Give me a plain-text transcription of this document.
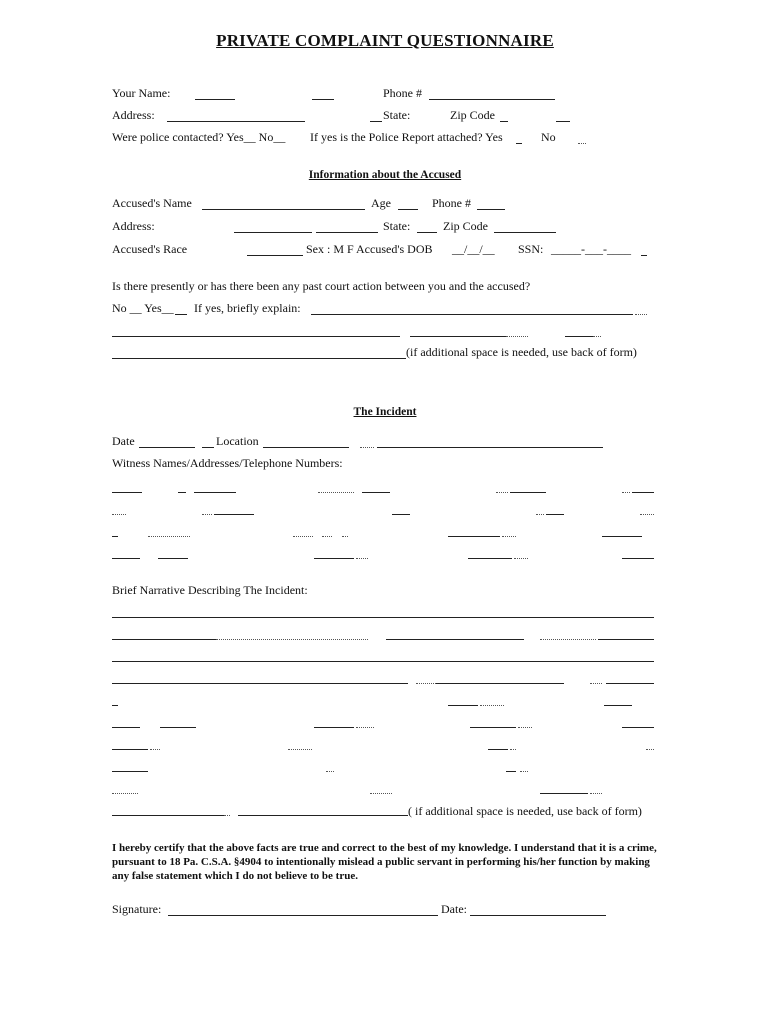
PRIVATE COMPLAINT QUESTIONNAIRE
Your Name:	Phone #
Address:	State:	Zip Code
Were police contacted? Yes__ No__ If yes is the Police Report attached? Yes	No
Information about the Accused
Accused's Name	Age	Phone #
Address:	State:	Zip Code
Accused's Race	Sex : M F Accused's DOB __/__/__ SSN: _____-___-____
Is there presently or has there been any past court action between you and the accused?
No __ Yes__ If yes, briefly explain:
(if additional space is needed, use back of form)
The Incident
Date	Location
Witness Names/Addresses/Telephone Numbers:
Brief Narrative Describing The Incident:
( if additional space is needed, use back of form)
I hereby certify that the above facts are true and correct to the best of my knowledge. I understand that it is a crime, pursuant to 18 Pa. C.S.A. §4904 to intentionally mislead a public servant in performing his/her function by making any false statement which I do not believe to be true.
Signature:	Date:
